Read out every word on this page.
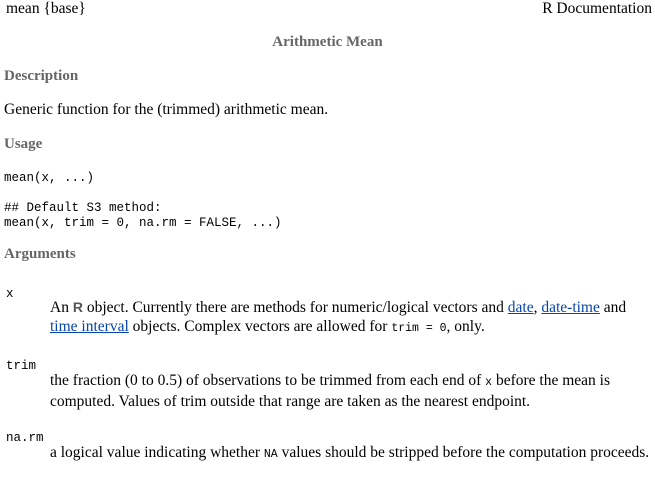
mean {base}	R Documentation
Arithmetic Mean
Description
Generic function for the (trimmed) arithmetic mean.
Usage
mean(x, ...)
## Default S3 method:
mean(x, trim = 0, na.rm = FALSE, ...)
Arguments
x
An R object. Currently there are methods for numeric/logical vectors and date, date-time and
time interval objects. Complex vectors are allowed for trim = 0, only.
trim
the fraction (0 to 0.5) of observations to be trimmed from each end of x before the mean is computed. Values of trim outside that range are taken as the nearest endpoint.
na.rm
a logical value indicating whether NA values should be stripped before the computation proceeds.
